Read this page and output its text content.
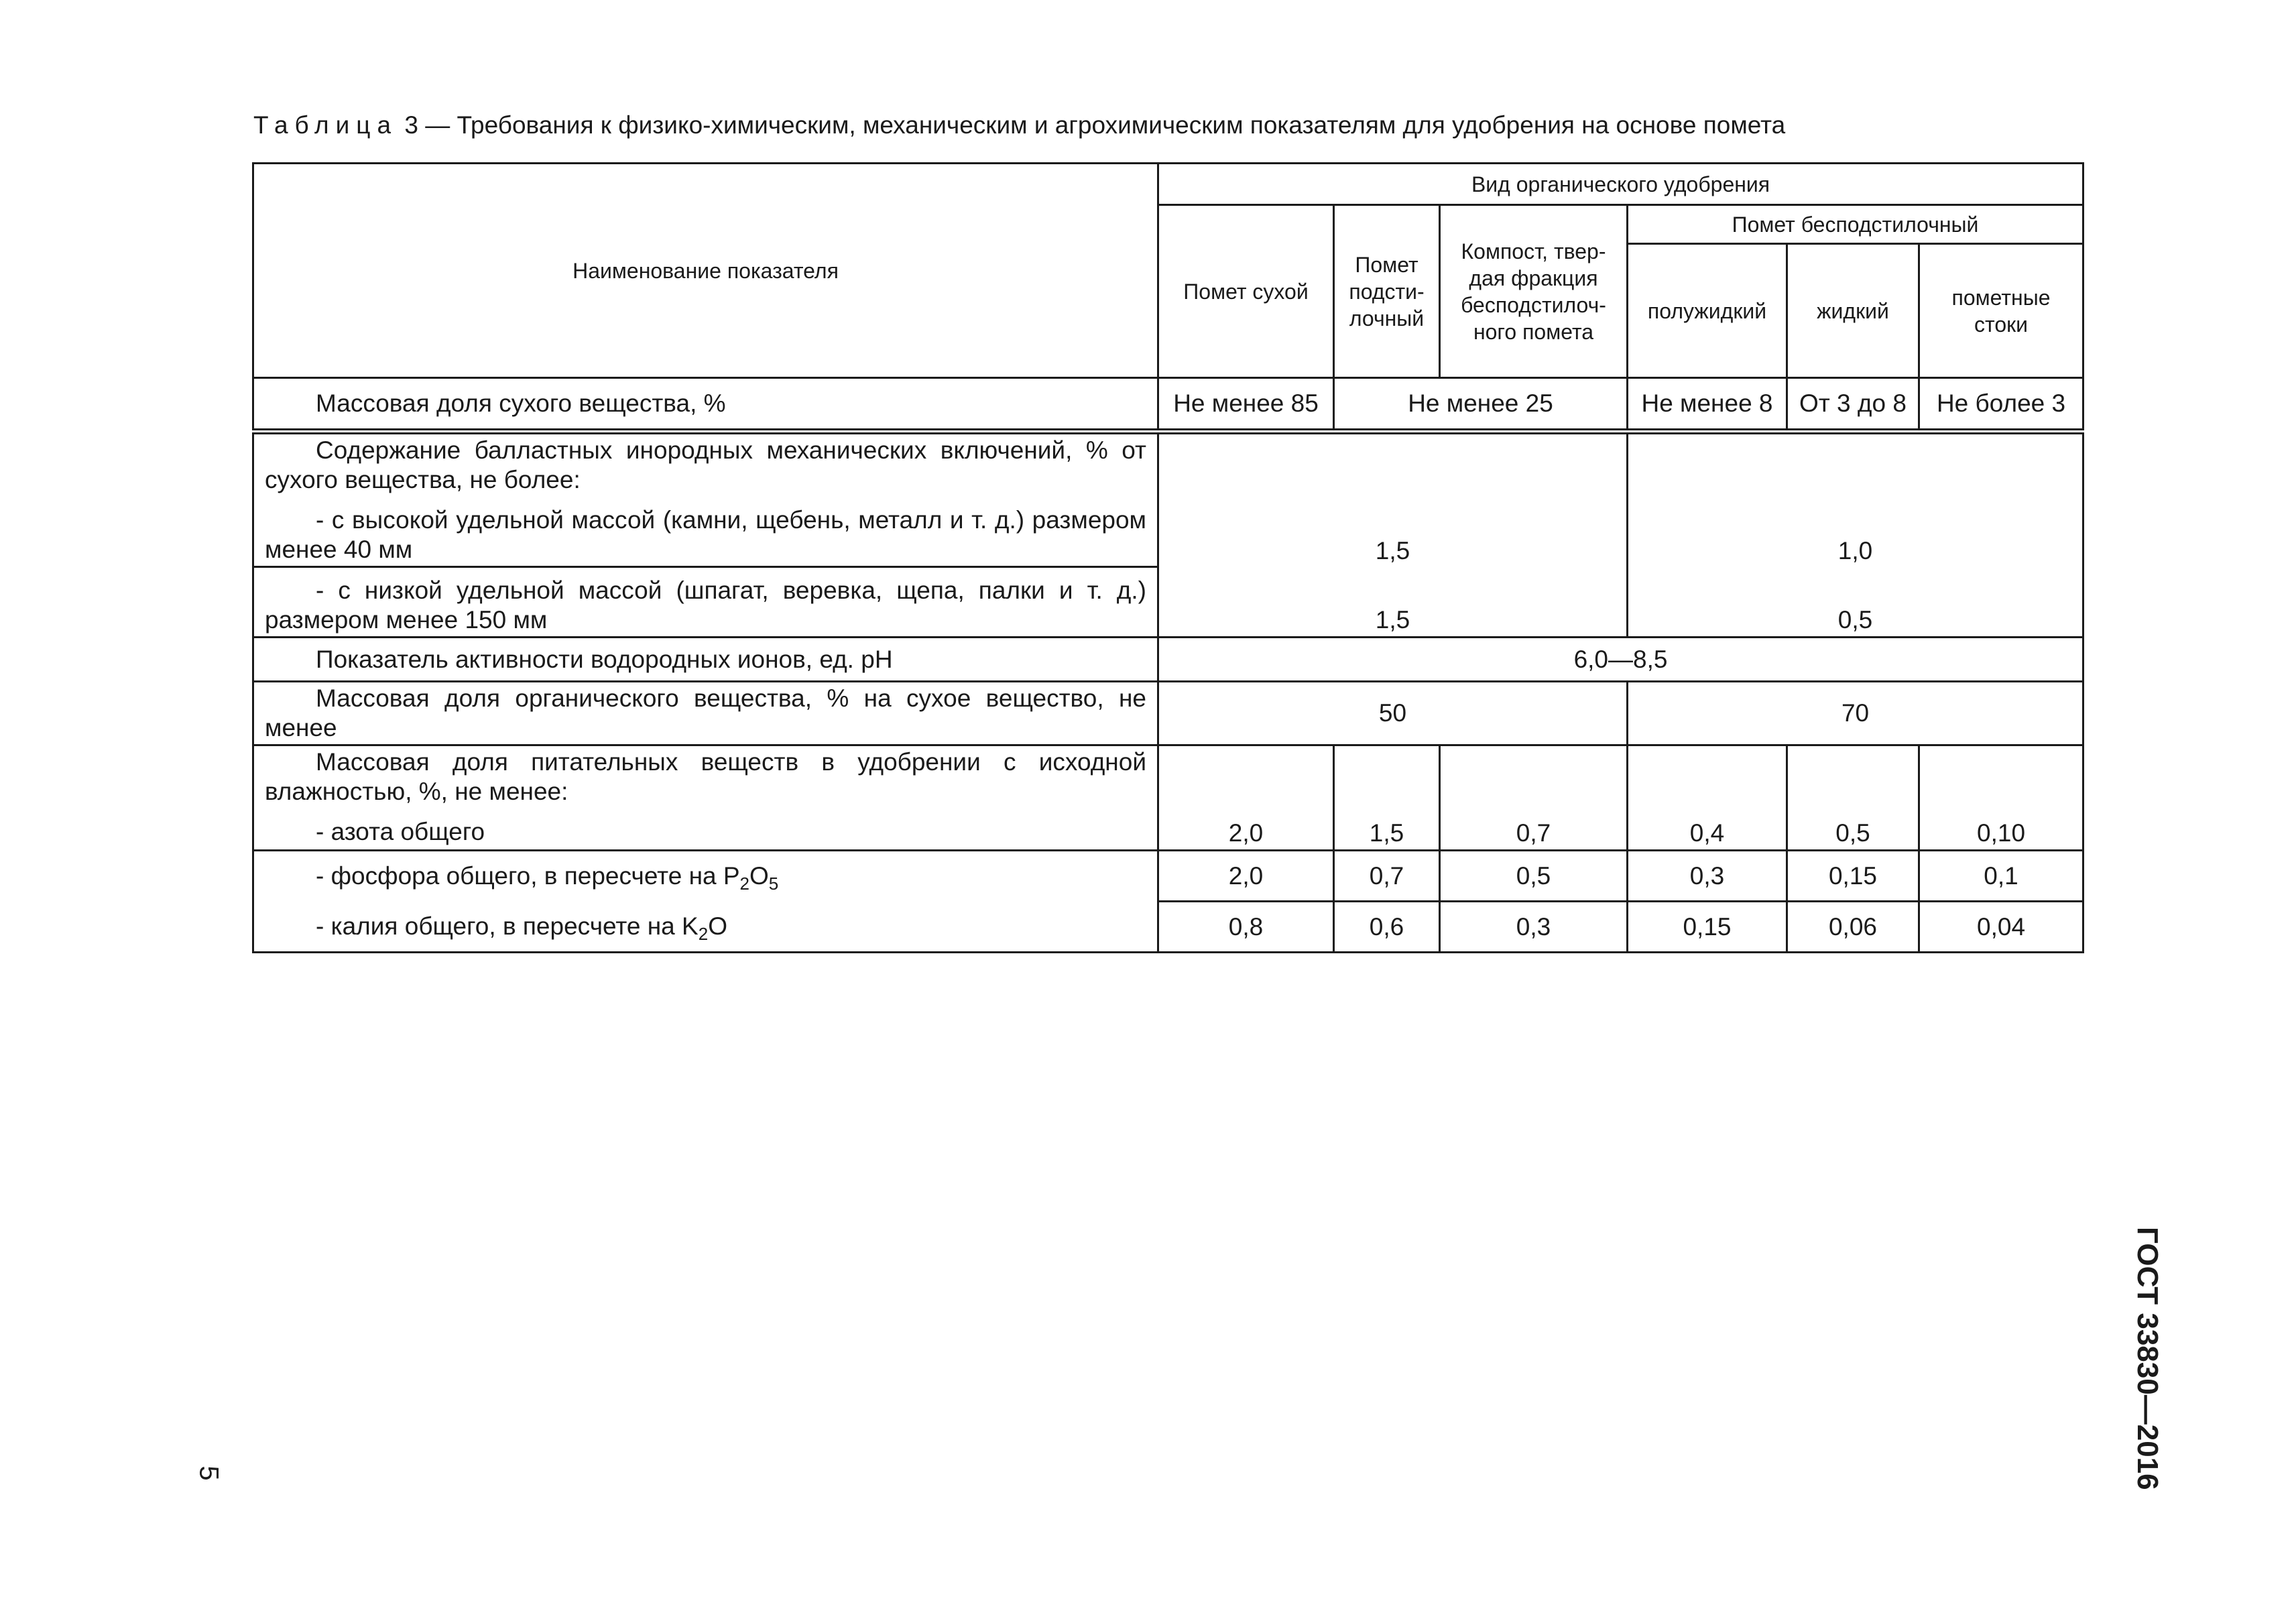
Таблица 3 — Требования к физико-химическим, механическим и агрохимическим показателям для удобрения на основе помета
Наименование показателя	Вид органического удобрения					
	Помет сухой	Помет подсти-лочный	Компост, твер-дая фракция бесподстилоч-ного помета	Помет бесподстилочный		
				полужидкий	жидкий	пометные стоки

Массовая доля сухого вещества, %	Не менее 85	Не менее 25		Не менее 8	От 3 до 8	Не более 3

Содержание балластных инородных механических включений, % от сухого вещества, не более:

- с высокой удельной массой (камни, щебень, металл и т. д.) размером менее 40 мм	1,5			1,0		

- с низкой удельной массой (шпагат, веревка, щепа, палки и т. д.) размером менее 150 мм	1,5			0,5		

Показатель активности водородных ионов, ед. pH	6,0—8,5					

Массовая доля органического вещества, % на сухое вещество, не менее	50			70		

Массовая доля питательных веществ в удобрении с исходной влажностью, %, не менее:

- азота общего	2,0	1,5	0,7	0,4	0,5	0,10

- фосфора общего, в пересчете на $P_2O_5$	2,0	0,7	0,5	0,3	0,15	0,1

- калия общего, в пересчете на $K_2O$	0,8	0,6	0,3	0,15	0,06	0,04
ГОСТ 33830—2016
5
